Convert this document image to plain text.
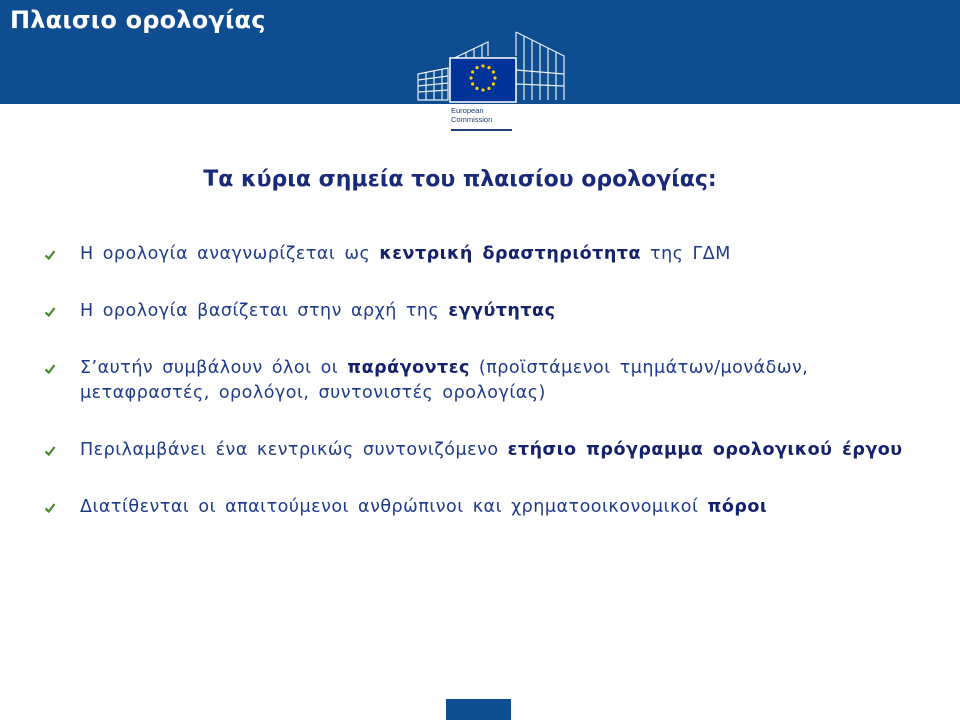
Πλαισιο ορολογίας
European
Commission
Τα κύρια σημεία του πλαισίου ορολογίας:
Η ορολογία αναγνωρίζεται ως κεντρική δραστηριότητα της ΓΔΜ
Η ορολογία βασίζεται στην αρχή της εγγύτητας
Σ’αυτήν συμβάλουν όλοι οι παράγοντες (προϊστάμενοι τμημάτων/μονάδων, μεταφραστές, ορολόγοι, συντονιστές ορολογίας)
Περιλαμβάνει ένα κεντρικώς συντονιζόμενο ετήσιο πρόγραμμα ορολογικού έργου
Διατίθενται οι απαιτούμενοι ανθρώπινοι και χρηματοοικονομικοί πόροι
